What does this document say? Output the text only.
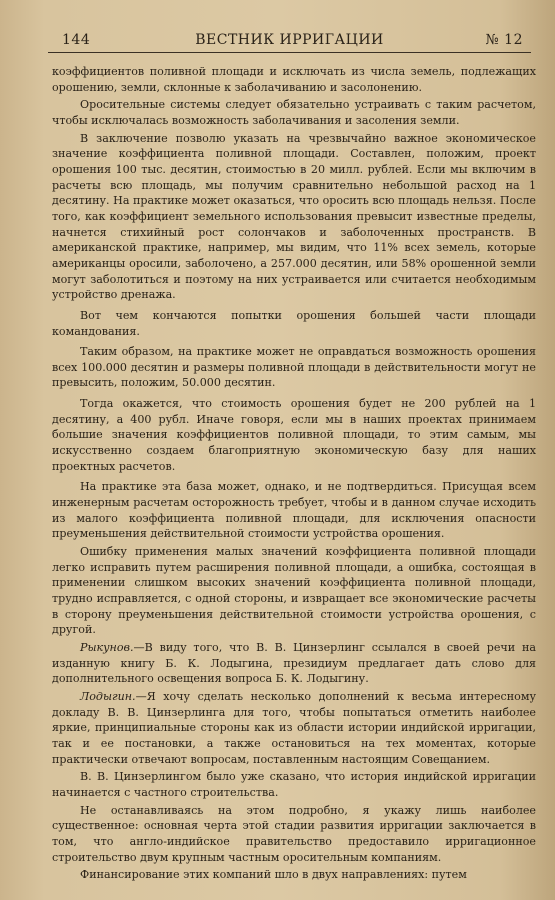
144	ВЕСТНИК ИРРИГАЦИИ	№ 12

коэффициентов поливной площади и исключать из числа земель, подлежащих орошению, земли, склонные к заболачиванию и засолонению.

Оросительные системы следует обязательно устраивать с таким расчетом, чтобы исключалась возможность заболачивания и засоления земли.

В заключение позволю указать на чрезвычайно важное экономическое значение коэффициента поливной площади. Составлен, положим, проект орошения 100 тыс. десятин, стоимостью в 20 милл. рублей. Если мы включим в расчеты всю площадь, мы получим сравнительно небольшой расход на 1 десятину. На практике может оказаться, что оросить всю площадь нельзя. После того, как коэффициент земельного использования превысит известные пределы, начнется стихийный рост солончаков и заболоченных пространств. В американской практике, например, мы видим, что 11% всех земель, которые американцы оросили, заболочено, а 257.000 десятин, или 58% орошенной земли могут заболотиться и поэтому на них устраивается или считается необходимым устройство дренажа.

Вот чем кончаются попытки орошения большей части площади командования.

Таким образом, на практике может не оправдаться возможность орошения всех 100.000 десятин и размеры поливной площади в действительности могут не превысить, положим, 50.000 десятин.

Тогда окажется, что стоимость орошения будет не 200 рублей на 1 десятину, а 400 рубл. Иначе говоря, если мы в наших проектах принимаем большие значения коэффициентов поливной площади, то этим самым, мы искусственно создаем благоприятную экономическую базу для наших проектных расчетов.

На практике эта база может, однако, и не подтвердиться. Присущая всем инженерным расчетам осторожность требует, чтобы и в данном случае исходить из малого коэффициента поливной площади, для исключения опасности преуменьшения действительной стоимости устройства орошения.

Ошибку применения малых значений коэффициента поливной площади легко исправить путем расширения поливной площади, а ошибка, состоящая в применении слишком высоких значений коэффициента поливной площади, трудно исправляется, с одной стороны, и извращает все экономические расчеты в сторону преуменьшения действительной стоимости устройства орошения, с другой.

Рыкунов.—В виду того, что В. В. Цинзерлинг ссылался в своей речи на изданную книгу Б. К. Лодыгина, президиум предлагает дать слово для дополнительного освещения вопроса Б. К. Лодыгину.

Лодыгин.—Я хочу сделать несколько дополнений к весьма интересному докладу В. В. Цинзерлинга для того, чтобы попытаться отметить наиболее яркие, принципиальные стороны как из области истории индийской ирригации, так и ее постановки, а также остановиться на тех моментах, которые практически отвечают вопросам, поставленным настоящим Совещанием.

В. В. Цинзерлингом было уже сказано, что история индийской ирригации начинается с частного строительства.

Не останавливаясь на этом подробно, я укажу лишь наиболее существенное: основная черта этой стадии развития ирригации заключается в том, что англо-индийское правительство предоставило ирригационное строительство двум крупным частным оросительным компаниям.

Финансирование этих компаний шло в двух направлениях: путем
